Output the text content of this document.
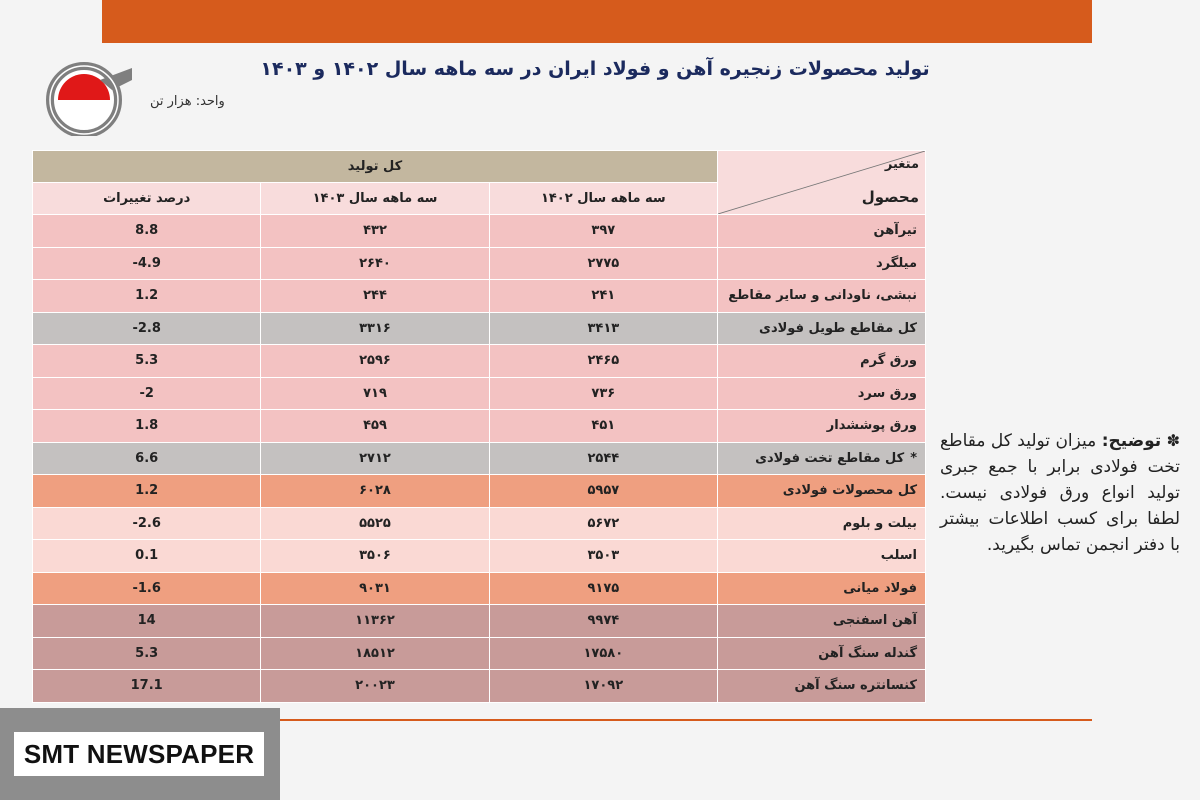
تولید محصولات زنجیره آهن و فولاد ایران در سه ماهه سال ۱۴۰۲ و ۱۴۰۳
واحد: هزار تن
متغیر
محصول	کل تولید		
	سه ماهه سال ۱۴۰۲	سه ماهه سال ۱۴۰۳	درصد تغییرات
تیرآهن	۳۹۷	۴۳۲	8.8
میلگرد	۲۷۷۵	۲۶۴۰	-4.9
نبشی، ناودانی و سایر مقاطع	۲۴۱	۲۴۴	1.2
کل مقاطع طویل فولادی	۳۴۱۳	۳۳۱۶	-2.8
ورق گرم	۲۴۶۵	۲۵۹۶	5.3
ورق سرد	۷۳۶	۷۱۹	-2
ورق پوششدار	۴۵۱	۴۵۹	1.8
*کل مقاطع تخت فولادی	۲۵۴۴	۲۷۱۲	6.6
کل محصولات فولادی	۵۹۵۷	۶۰۲۸	1.2
بیلت و بلوم	۵۶۷۲	۵۵۲۵	-2.6
اسلب	۳۵۰۳	۳۵۰۶	0.1
فولاد میانی	۹۱۷۵	۹۰۳۱	-1.6
آهن اسفنجی	۹۹۷۴	۱۱۳۶۲	14
گندله سنگ آهن	۱۷۵۸۰	۱۸۵۱۲	5.3
کنسانتره سنگ آهن	۱۷۰۹۲	۲۰۰۲۳	17.1
✽ توضیح: میزان تولید کل مقاطع تخت فولادی برابر با جمع جبری تولید انواع ورق فولادی نیست. لطفا برای کسب اطلاعات بیشتر با دفتر انجمن تماس بگیرید.
SMT NEWSPAPER
